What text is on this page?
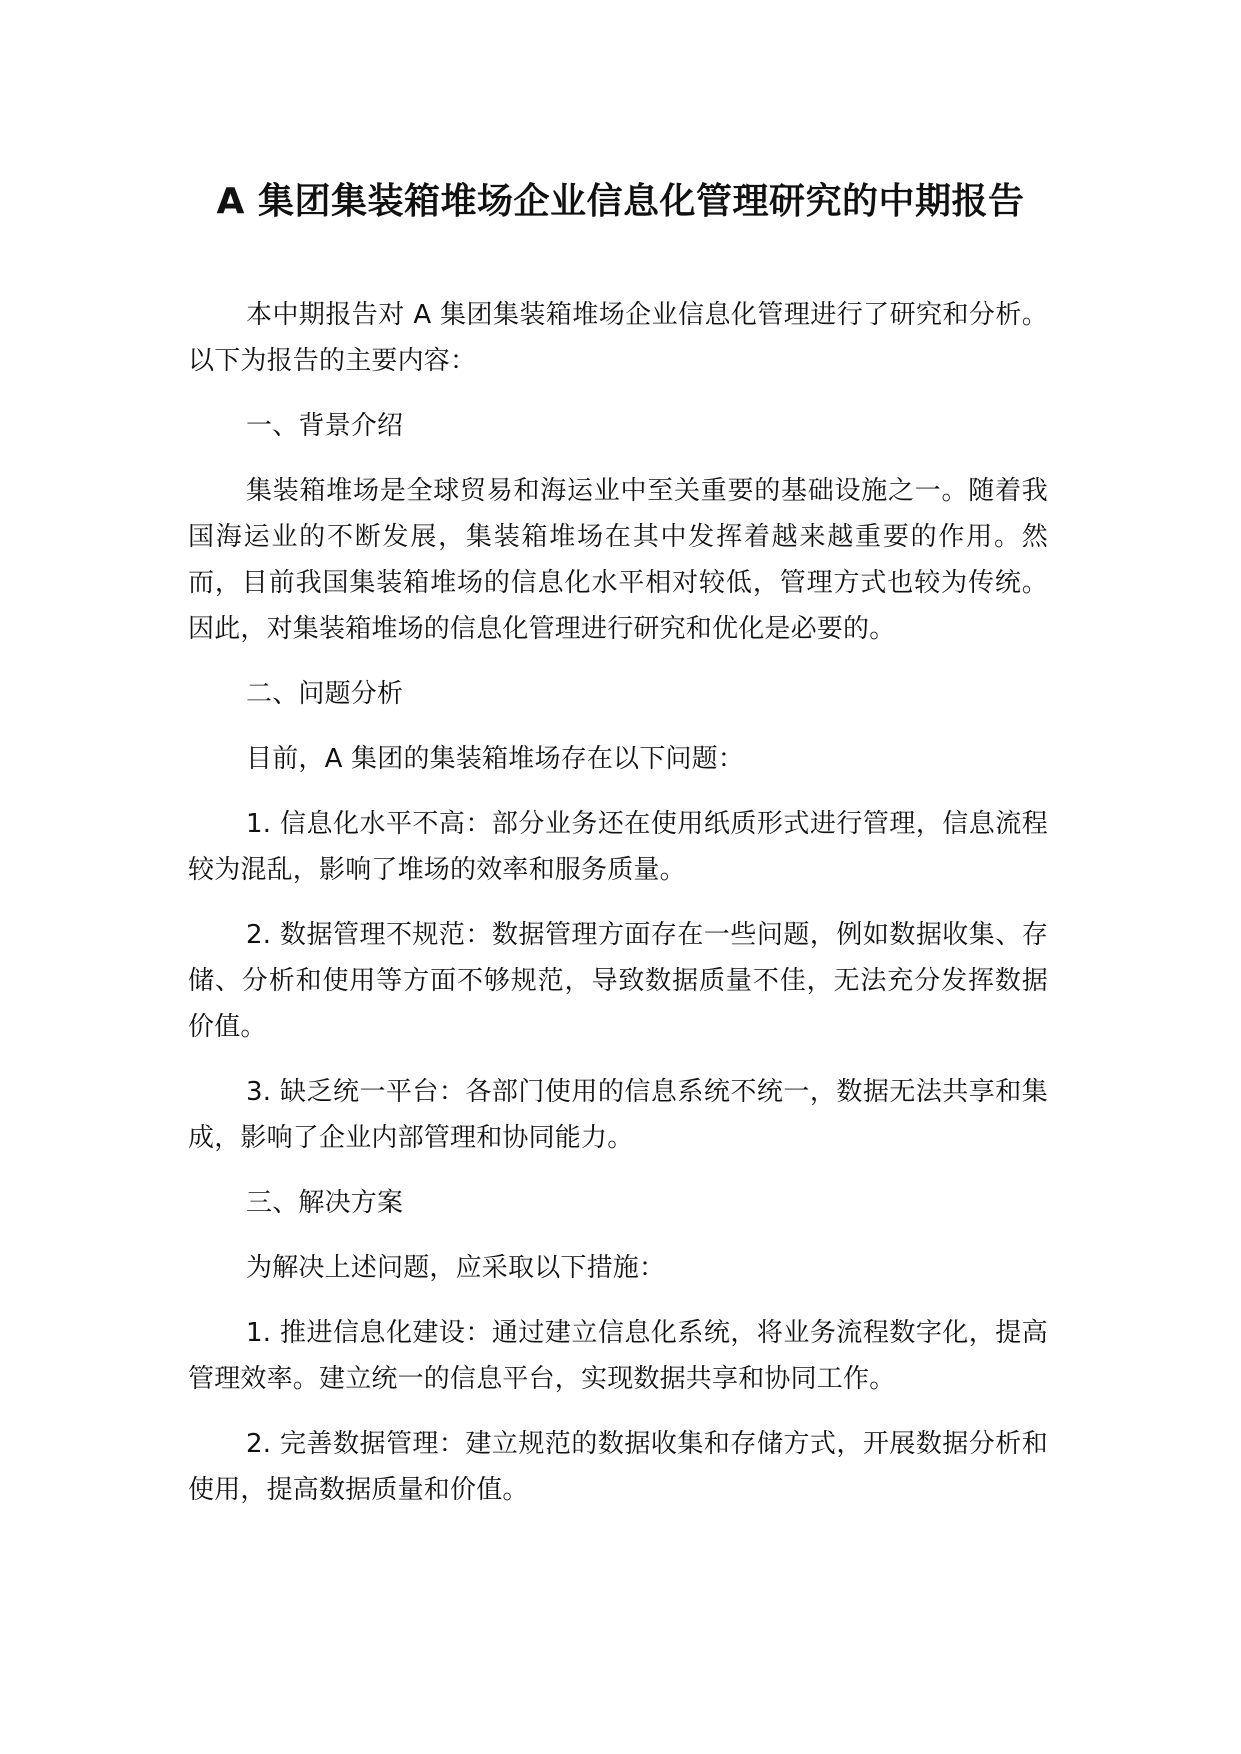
A 集团集装箱堆场企业信息化管理研究的中期报告

本中期报告对 A 集团集装箱堆场企业信息化管理进行了研究和分析。以下为报告的主要内容：

一、背景介绍

集装箱堆场是全球贸易和海运业中至关重要的基础设施之一。随着我国海运业的不断发展，集装箱堆场在其中发挥着越来越重要的作用。然而，目前我国集装箱堆场的信息化水平相对较低，管理方式也较为传统。因此，对集装箱堆场的信息化管理进行研究和优化是必要的。

二、问题分析

目前，A 集团的集装箱堆场存在以下问题：

1. 信息化水平不高：部分业务还在使用纸质形式进行管理，信息流程较为混乱，影响了堆场的效率和服务质量。

2. 数据管理不规范：数据管理方面存在一些问题，例如数据收集、存储、分析和使用等方面不够规范，导致数据质量不佳，无法充分发挥数据价值。

3. 缺乏统一平台：各部门使用的信息系统不统一，数据无法共享和集成，影响了企业内部管理和协同能力。

三、解决方案

为解决上述问题，应采取以下措施：

1. 推进信息化建设：通过建立信息化系统，将业务流程数字化，提高管理效率。建立统一的信息平台，实现数据共享和协同工作。

2. 完善数据管理：建立规范的数据收集和存储方式，开展数据分析和使用，提高数据质量和价值。
